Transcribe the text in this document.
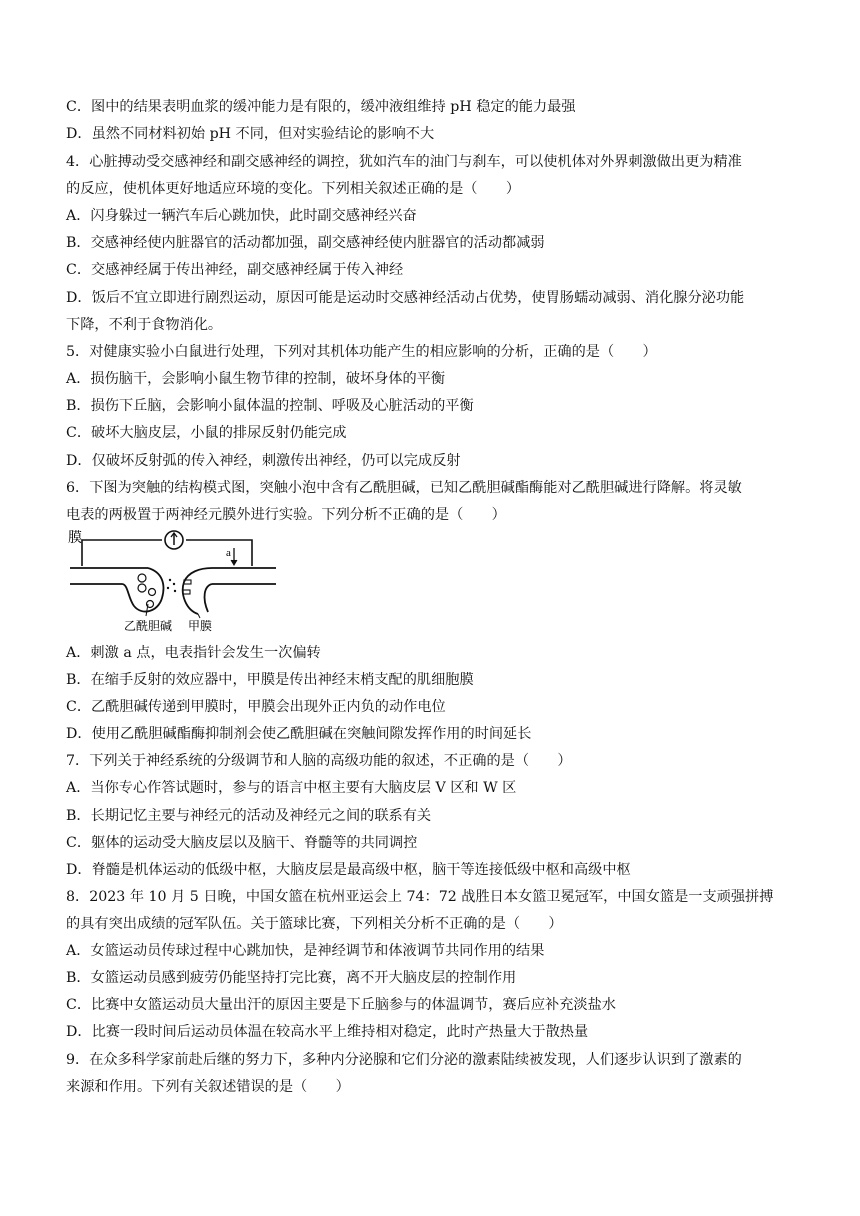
C．图中的结果表明血浆的缓冲能力是有限的，缓冲液组维持 pH 稳定的能力最强
D．虽然不同材料初始 pH 不同，但对实验结论的影响不大
4．心脏搏动受交感神经和副交感神经的调控，犹如汽车的油门与刹车，可以使机体对外界刺激做出更为精准
的反应，使机体更好地适应环境的变化。下列相关叙述正确的是（　　）
A．闪身躲过一辆汽车后心跳加快，此时副交感神经兴奋
B．交感神经使内脏器官的活动都加强，副交感神经使内脏器官的活动都减弱
C．交感神经属于传出神经，副交感神经属于传入神经
D．饭后不宜立即进行剧烈运动，原因可能是运动时交感神经活动占优势，使胃肠蠕动减弱、消化腺分泌功能
下降，不利于食物消化。
5．对健康实验小白鼠进行处理，下列对其机体功能产生的相应影响的分析，正确的是（　　）
A．损伤脑干，会影响小鼠生物节律的控制，破坏身体的平衡
B．损伤下丘脑，会影响小鼠体温的控制、呼吸及心脏活动的平衡
C．破坏大脑皮层，小鼠的排尿反射仍能完成
D．仅破坏反射弧的传入神经，刺激传出神经，仍可以完成反射
6．下图为突触的结构模式图，突触小泡中含有乙酰胆碱，已知乙酰胆碱酯酶能对乙酰胆碱进行降解。将灵敏
电表的两极置于两神经元膜外进行实验。下列分析不正确的是（　　）
膜
a
乙酰胆碱 甲膜
A．刺激 a 点，电表指针会发生一次偏转
B．在缩手反射的效应器中，甲膜是传出神经末梢支配的肌细胞膜
C．乙酰胆碱传递到甲膜时，甲膜会出现外正内负的动作电位
D．使用乙酰胆碱酯酶抑制剂会使乙酰胆碱在突触间隙发挥作用的时间延长
7．下列关于神经系统的分级调节和人脑的高级功能的叙述，不正确的是（　　）
A．当你专心作答试题时，参与的语言中枢主要有大脑皮层 V 区和 W 区
B．长期记忆主要与神经元的活动及神经元之间的联系有关
C．躯体的运动受大脑皮层以及脑干、脊髓等的共同调控
D．脊髓是机体运动的低级中枢，大脑皮层是最高级中枢，脑干等连接低级中枢和高级中枢
8．2023 年 10 月 5 日晚，中国女篮在杭州亚运会上 74：72 战胜日本女篮卫冕冠军，中国女篮是一支顽强拼搏
的具有突出成绩的冠军队伍。关于篮球比赛，下列相关分析不正确的是（　　）
A．女篮运动员传球过程中心跳加快，是神经调节和体液调节共同作用的结果
B．女篮运动员感到疲劳仍能坚持打完比赛，离不开大脑皮层的控制作用
C．比赛中女篮运动员大量出汗的原因主要是下丘脑参与的体温调节，赛后应补充淡盐水
D．比赛一段时间后运动员体温在较高水平上维持相对稳定，此时产热量大于散热量
9．在众多科学家前赴后继的努力下，多种内分泌腺和它们分泌的激素陆续被发现，人们逐步认识到了激素的
来源和作用。下列有关叙述错误的是（　　）
